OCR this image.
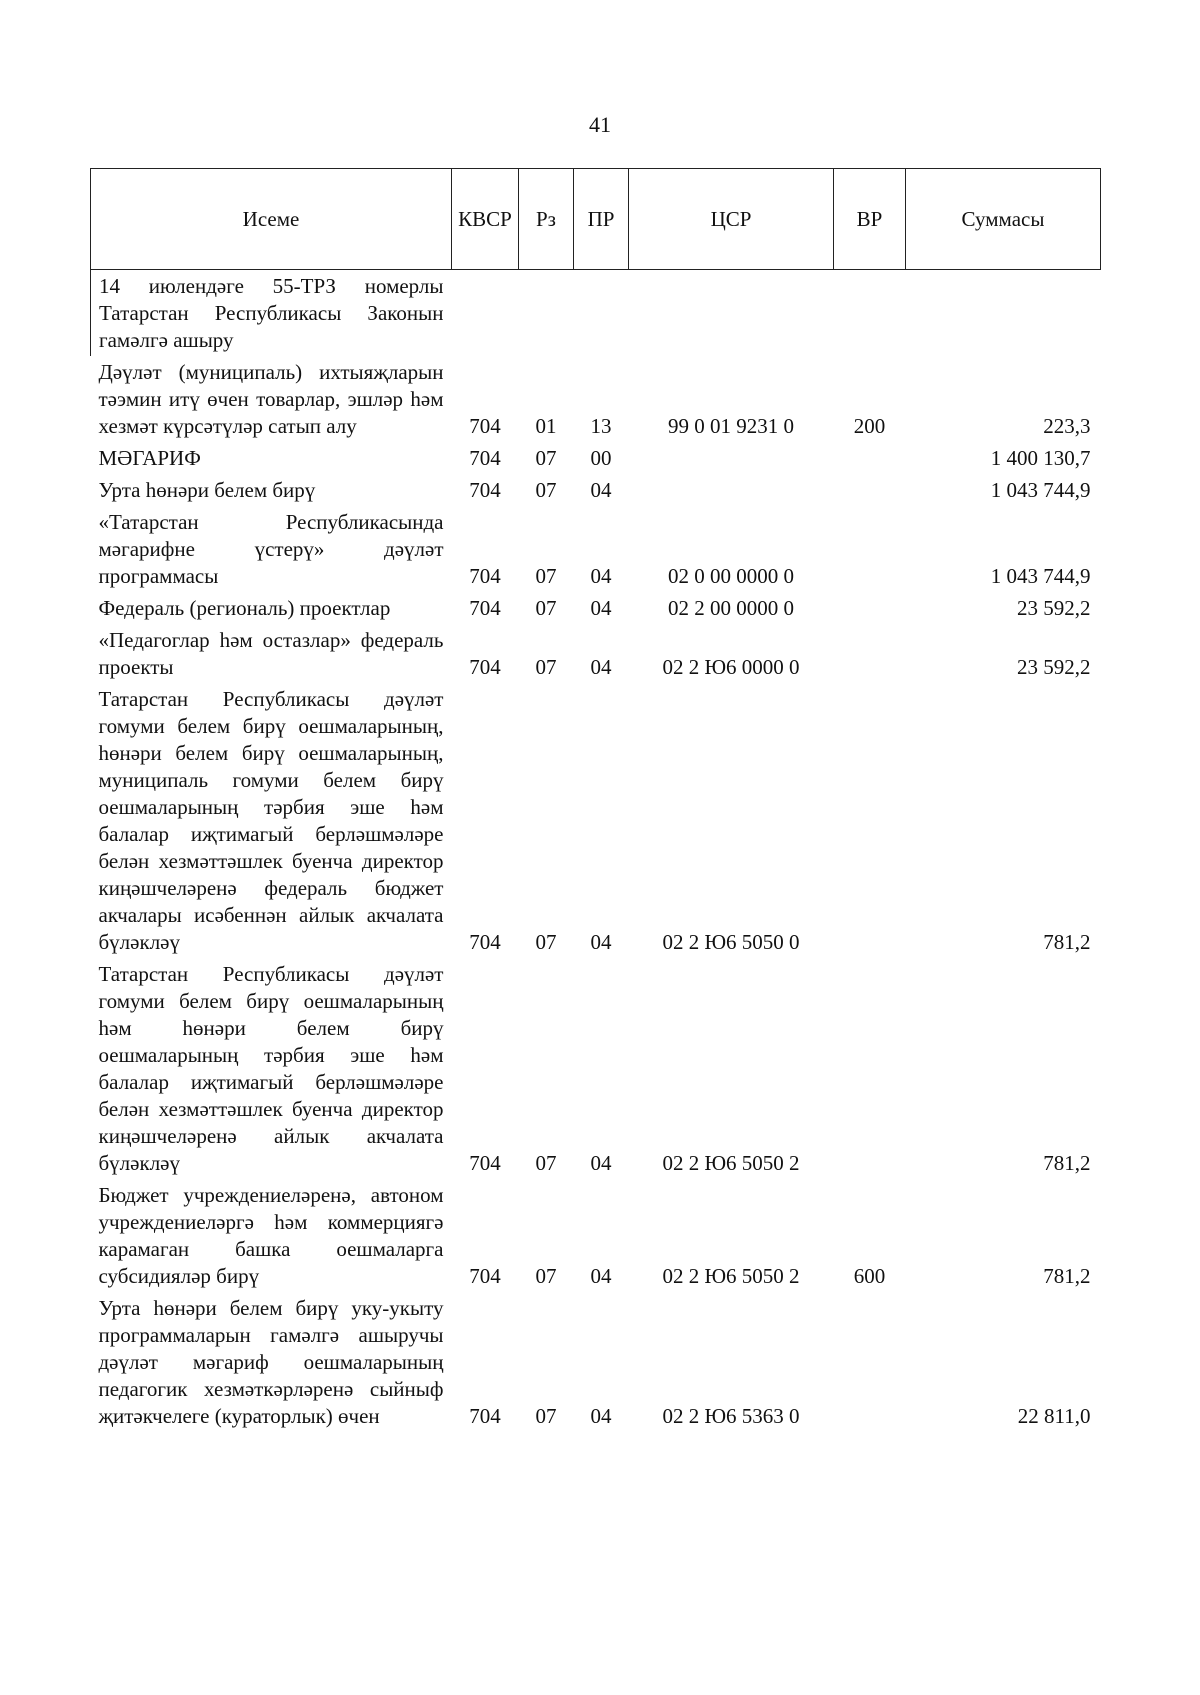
41
Исеме	КВСР	Рз	ПР	ЦСР	ВР	Суммасы
14 июлендәге 55-ТРЗ номерлы Татарстан Республикасы Законын гамәлгә ашыру						
Дәүләт (муниципаль) ихтыяҗларын тәэмин итү өчен товарлар, эшләр һәм хезмәт күрсәтүләр сатып алу	704	01	13	99 0 01 9231 0	200	223,3
МӘГАРИФ	704	07	00			1 400 130,7
Урта һөнәри белем бирү	704	07	04			1 043 744,9
«Татарстан Республикасында мәгарифне үстерү» дәүләт программасы	704	07	04	02 0 00 0000 0		1 043 744,9
Федераль (региональ) проектлар	704	07	04	02 2 00 0000 0		23 592,2
«Педагоглар һәм остазлар» федераль проекты	704	07	04	02 2 Ю6 0000 0		23 592,2
Татарстан Республикасы дәүләт гомуми белем бирү оешмаларының, һөнәри белем бирү оешмаларының, муниципаль гомуми белем бирү оешмаларының тәрбия эше һәм балалар иҗтимагый берләшмәләре белән хезмәттәшлек буенча директор киңәшчеләренә федераль бюджет акчалары исәбеннән айлык акчалата бүләкләү	704	07	04	02 2 Ю6 5050 0		781,2
Татарстан Республикасы дәүләт гомуми белем бирү оешмаларының һәм һөнәри белем бирү оешмаларының тәрбия эше һәм балалар иҗтимагый берләшмәләре белән хезмәттәшлек буенча директор киңәшчеләренә айлык акчалата бүләкләү	704	07	04	02 2 Ю6 5050 2		781,2
Бюджет учреждениеләренә, автоном учреждениеләргә һәм коммерциягә карамаган башка оешмаларга субсидияләр бирү	704	07	04	02 2 Ю6 5050 2	600	781,2
Урта һөнәри белем бирү уку-укыту программаларын гамәлгә ашыручы дәүләт мәгариф оешмаларының педагогик хезмәткәрләренә сыйныф җитәкчелеге (кураторлык) өчен	704	07	04	02 2 Ю6 5363 0		22 811,0
